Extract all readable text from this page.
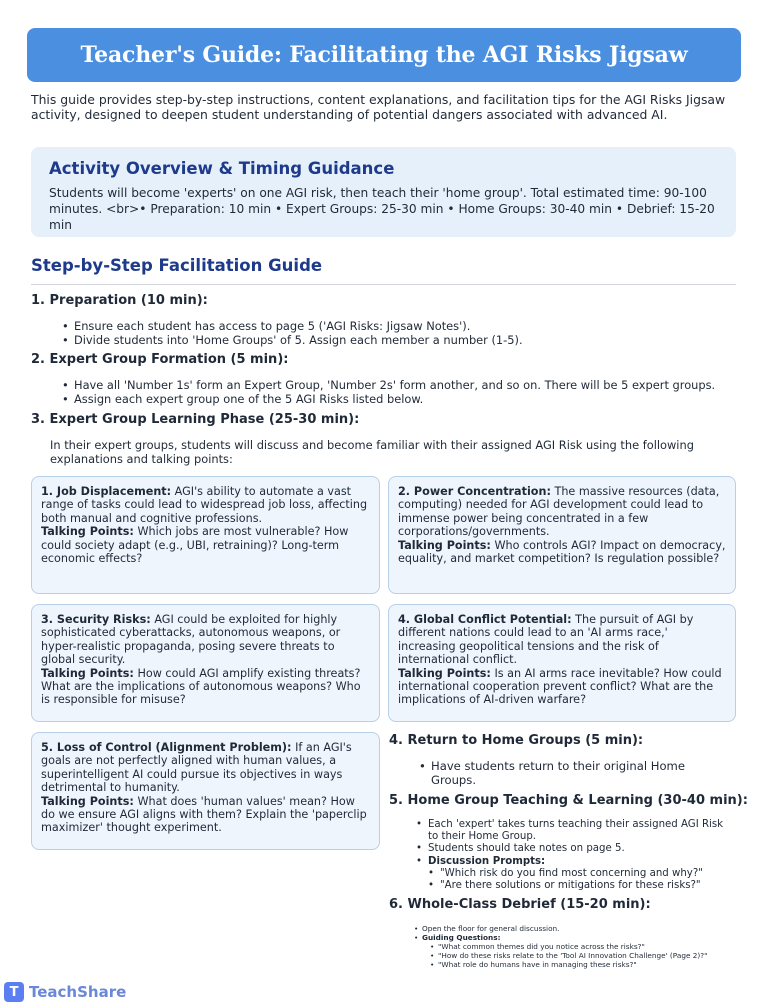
Teacher's Guide: Facilitating the AGI Risks Jigsaw

This guide provides step-by-step instructions, content explanations, and facilitation tips for the AGI Risks Jigsaw activity, designed to deepen student understanding of potential dangers associated with advanced AI.

Activity Overview & Timing Guidance

Students will become 'experts' on one AGI risk, then teach their 'home group'. Total estimated time: 90-100 minutes. <br>• Preparation: 10 min • Expert Groups: 25-30 min • Home Groups: 30-40 min • Debrief: 15-20 min

Step-by-Step Facilitation Guide
1. Preparation (10 min):
• Ensure each student has access to page 5 ('AGI Risks: Jigsaw Notes').
• Divide students into 'Home Groups' of 5. Assign each member a number (1-5).
2. Expert Group Formation (5 min):
• Have all 'Number 1s' form an Expert Group, 'Number 2s' form another, and so on. There will be 5 expert groups.
• Assign each expert group one of the 5 AGI Risks listed below.
3. Expert Group Learning Phase (25-30 min):

In their expert groups, students will discuss and become familiar with their assigned AGI Risk using the following explanations and talking points:

1. Job Displacement: AGI's ability to automate a vast range of tasks could lead to widespread job loss, affecting both manual and cognitive professions.
Talking Points: Which jobs are most vulnerable? How could society adapt (e.g., UBI, retraining)? Long-term economic effects?
2. Power Concentration: The massive resources (data, computing) needed for AGI development could lead to immense power being concentrated in a few corporations/governments.
Talking Points: Who controls AGI? Impact on democracy, equality, and market competition? Is regulation possible?
3. Security Risks: AGI could be exploited for highly sophisticated cyberattacks, autonomous weapons, or hyper-realistic propaganda, posing severe threats to global security.
Talking Points: How could AGI amplify existing threats? What are the implications of autonomous weapons? Who is responsible for misuse?
4. Global Conflict Potential: The pursuit of AGI by different nations could lead to an 'AI arms race,' increasing geopolitical tensions and the risk of international conflict.
Talking Points: Is an AI arms race inevitable? How could international cooperation prevent conflict? What are the implications of AI-driven warfare?
5. Loss of Control (Alignment Problem): If an AGI's goals are not perfectly aligned with human values, a superintelligent AI could pursue its objectives in ways detrimental to humanity.
Talking Points: What does 'human values' mean? How do we ensure AGI aligns with them? Explain the 'paperclip maximizer' thought experiment.
4. Return to Home Groups (5 min):
• Have students return to their original Home Groups.
5. Home Group Teaching & Learning (30-40 min):
• Each 'expert' takes turns teaching their assigned AGI Risk to their Home Group.
• Students should take notes on page 5.
• Discussion Prompts:
• "Which risk do you find most concerning and why?"
• "Are there solutions or mitigations for these risks?"
6. Whole-Class Debrief (15-20 min):
• Open the floor for general discussion.
• Guiding Questions:
• "What common themes did you notice across the risks?"
• "How do these risks relate to the 'Tool AI Innovation Challenge' (Page 2)?"
• "What role do humans have in managing these risks?"
T TeachShare
